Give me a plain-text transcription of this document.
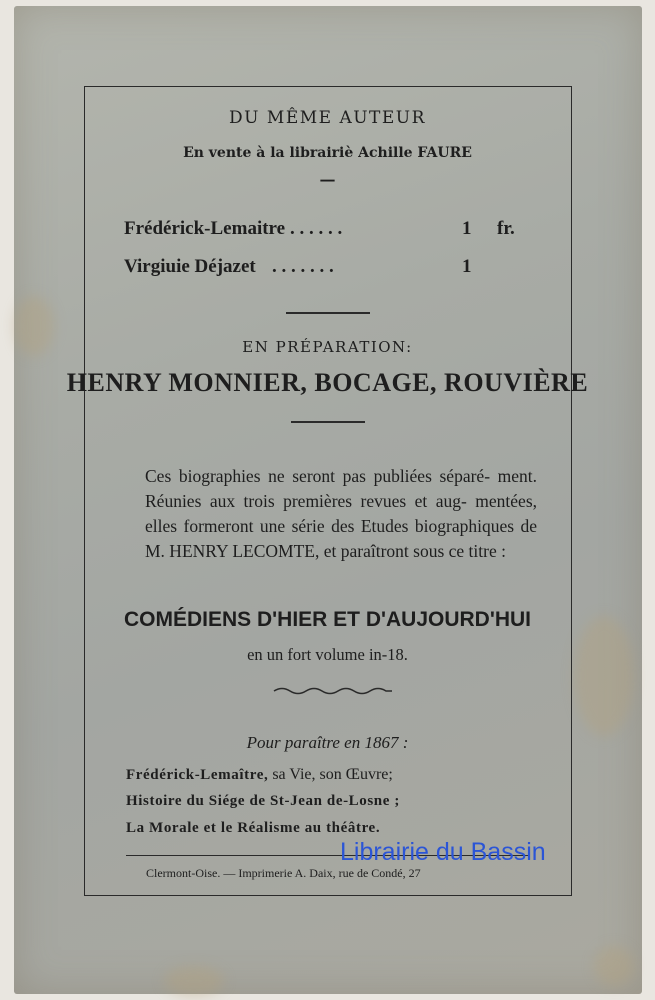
DU MÊME AUTEUR
En vente à la librairiè Achille FAURE
—
Frédérick-Lemaitre . . . . . .	1 fr.
Virgiuie Déjazet . . . . . . .	1
EN PRÉPARATION:
HENRY MONNIER, BOCAGE, ROUVIÈRE
Ces biographies ne seront pas publiées séparé- ment. Réunies aux trois premières revues et aug- mentées, elles formeront une série des Etudes biographiques de M. HENRY LECOMTE, et paraîtront sous ce titre :
COMÉDIENS D'HIER ET D'AUJOURD'HUI
en un fort volume in-18.
Pour paraître en 1867 :
Frédérick-Lemaître, sa Vie, son Œuvre;
Histoire du Siége de St-Jean de-Losne ;
La Morale et le Réalisme au théâtre.
Clermont-Oise. — Imprimerie A. Daix, rue de Condé, 27
Librairie du Bassin
